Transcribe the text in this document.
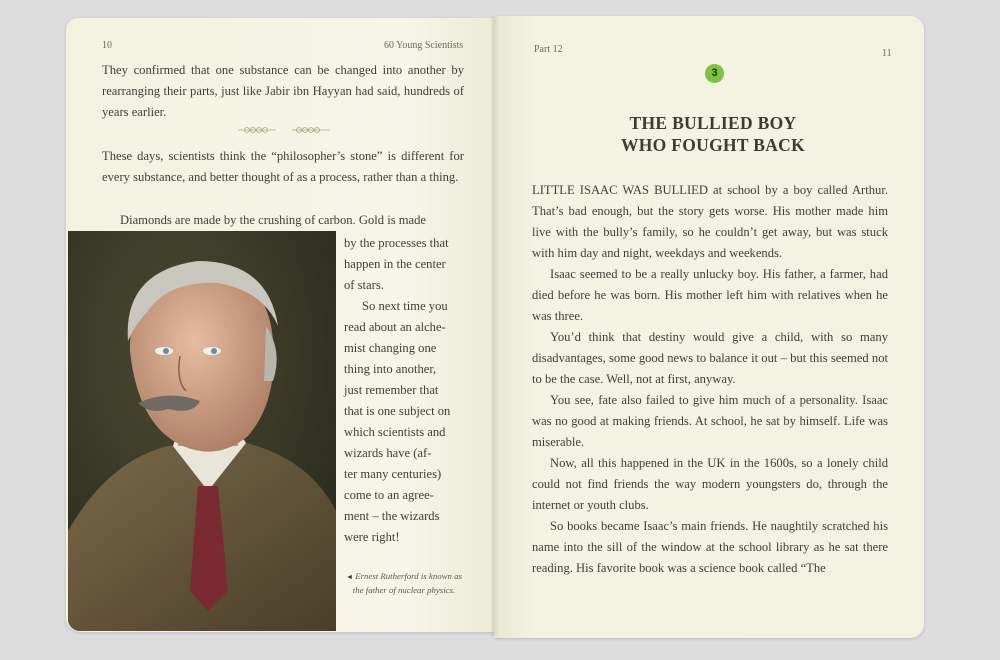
10	60 Young Scientists

They confirmed that one substance can be changed into another by rearranging their parts, just like Jabir ibn Hayyan had said, hundreds of years earlier.

These days, scientists think the “philosopher’s stone” is different for every substance, and better thought of as a process, rather than a thing.

Diamonds are made by the crushing of carbon. Gold is made

by the processes that

happen in the center

of stars.

So next time you

read about an alche-

mist changing one

thing into another,

just remember that

that is one subject on

which scientists and

wizards have (af-

ter many centuries)

come to an agree-

ment – the wizards

were right!

◄ Ernest Rutherford is known as
the father of nuclear physics.
Part 12	11
3
THE BULLIED BOY
WHO FOUGHT BACK

LITTLE ISAAC WAS BULLIED at school by a boy called Arthur. That’s bad enough, but the story gets worse. His mother made him live with the bully’s family, so he couldn’t get away, but was stuck with him day and night, weekdays and weekends.

Isaac seemed to be a really unlucky boy. His father, a farmer, had died before he was born. His mother left him with relatives when he was three.

You’d think that destiny would give a child, with so many disadvantages, some good news to balance it out – but this seemed not to be the case. Well, not at first, anyway.

You see, fate also failed to give him much of a personality. Isaac was no good at making friends. At school, he sat by himself. Life was miserable.

Now, all this happened in the UK in the 1600s, so a lonely child could not find friends the way modern youngsters do, through the internet or youth clubs.

So books became Isaac’s main friends. He naughtily scratched his name into the sill of the window at the school library as he sat there reading. His favorite book was a science book called “The
